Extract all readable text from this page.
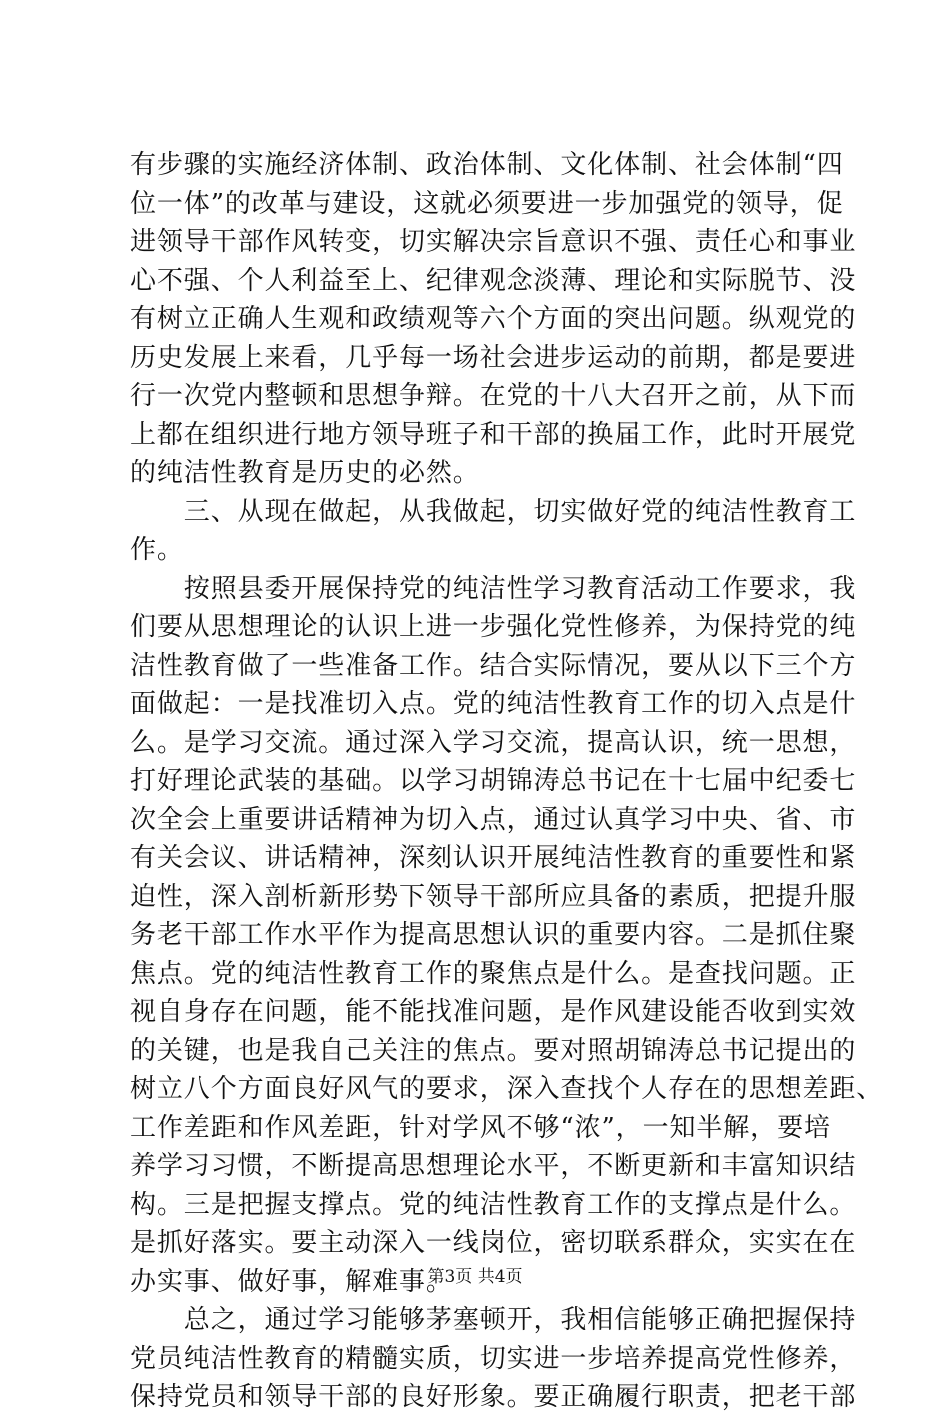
有步骤的实施经济体制、政治体制、文化体制、社会体制“四
位一体”的改革与建设，这就必须要进一步加强党的领导，促
进领导干部作风转变，切实解决宗旨意识不强、责任心和事业
心不强、个人利益至上、纪律观念淡薄、理论和实际脱节、没
有树立正确人生观和政绩观等六个方面的突出问题。纵观党的
历史发展上来看，几乎每一场社会进步运动的前期，都是要进
行一次党内整顿和思想争辩。在党的十八大召开之前，从下而
上都在组织进行地方领导班子和干部的换届工作，此时开展党
的纯洁性教育是历史的必然。
　　三、从现在做起，从我做起，切实做好党的纯洁性教育工
作。
　　按照县委开展保持党的纯洁性学习教育活动工作要求，我
们要从思想理论的认识上进一步强化党性修养，为保持党的纯
洁性教育做了一些准备工作。结合实际情况，要从以下三个方
面做起：一是找准切入点。党的纯洁性教育工作的切入点是什
么。是学习交流。通过深入学习交流，提高认识，统一思想，
打好理论武装的基础。以学习胡锦涛总书记在十七届中纪委七
次全会上重要讲话精神为切入点，通过认真学习中央、省、市
有关会议、讲话精神，深刻认识开展纯洁性教育的重要性和紧
迫性，深入剖析新形势下领导干部所应具备的素质，把提升服
务老干部工作水平作为提高思想认识的重要内容。二是抓住聚
焦点。党的纯洁性教育工作的聚焦点是什么。是查找问题。正
视自身存在问题，能不能找准问题，是作风建设能否收到实效
的关键，也是我自己关注的焦点。要对照胡锦涛总书记提出的
树立八个方面良好风气的要求，深入查找个人存在的思想差距、
工作差距和作风差距，针对学风不够“浓”，一知半解，要培
养学习习惯，不断提高思想理论水平，不断更新和丰富知识结
构。三是把握支撑点。党的纯洁性教育工作的支撑点是什么。
是抓好落实。要主动深入一线岗位，密切联系群众，实实在在
办实事、做好事，解难事。
　　总之，通过学习能够茅塞顿开，我相信能够正确把握保持
党员纯洁性教育的精髓实质，切实进一步培养提高党性修养，
保持党员和领导干部的良好形象。要正确履行职责，把老干部
第3页 共4页
